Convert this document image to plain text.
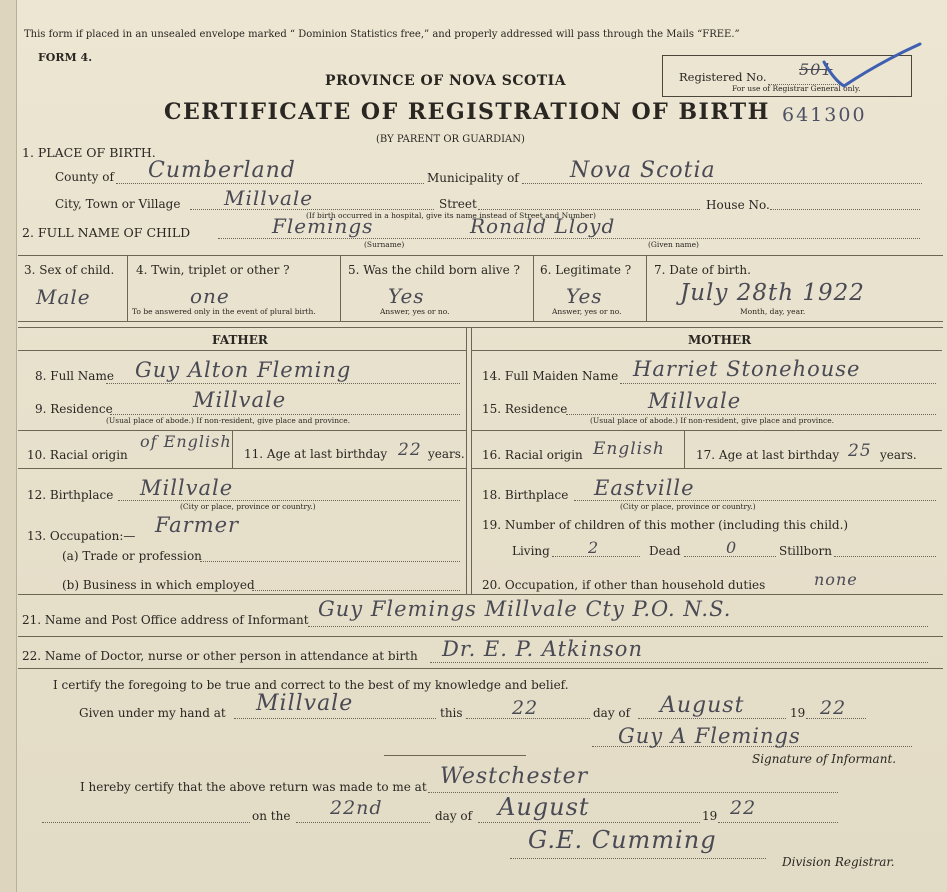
This form if placed in an unsealed envelope marked “ Dominion Statistics free,” and properly addressed will pass through the Mails “FREE.”
FORM 4.
PROVINCE OF NOVA SCOTIA
CERTIFICATE OF REGISTRATION OF BIRTH
(BY PARENT OR GUARDIAN)
Registered No.
For use of Registrar General only.
501
641300
1. PLACE OF BIRTH.
County of Cumberland	Municipality of Nova Scotia
City, Town or Village Millvale	Street	House No.
(If birth occurred in a hospital, give its name instead of Street and Number)
2. FULL NAME OF CHILD	Flemings	Ronald Lloyd
(Surname)	(Given name)
3. Sex of child.
Male
4. Twin, triplet or other ?
one
To be answered only in the event of plural birth.
5. Was the child born alive ?
Yes
Answer, yes or no.
6. Legitimate ?
Yes
Answer, yes or no.
7. Date of birth.
July 28th 1922
Month, day, year.
FATHER	MOTHER
8. Full Name Guy Alton Fleming
9. Residence	Millvale
(Usual place of abode.) If non-resident, give place and province.
10. Racial origin
of English
11. Age at last birthday 22 years.
12. Birthplace Millvale
(City or place, province or country.)
13. Occupation:— Farmer
(a) Trade or profession
(b) Business in which employed
14. Full Maiden Name Harriet Stonehouse
15. Residence	Millvale
(Usual place of abode.) If non-resident, give place and province.
16. Racial origin English	17. Age at last birthday 25 years.
18. Birthplace Eastville
(City or place, province or country.)
19. Number of children of this mother (including this child.)
Living 2	Dead	0	Stillborn
20. Occupation, if other than household duties	none
21. Name and Post Office address of Informant Guy Flemings Millvale Cty P.O. N.S.
22. Name of Doctor, nurse or other person in attendance at birth Dr. E. P. Atkinson
I certify the foregoing to be true and correct to the best of my knowledge and belief.
Given under my hand at Millvale	this	22	day of August	19 22
Guy A Flemings
Signature of Informant.
I hereby certify that the above return was made to me at Westchester
on the 22nd	day of August	19 22
G.E. Cumming
Division Registrar.
